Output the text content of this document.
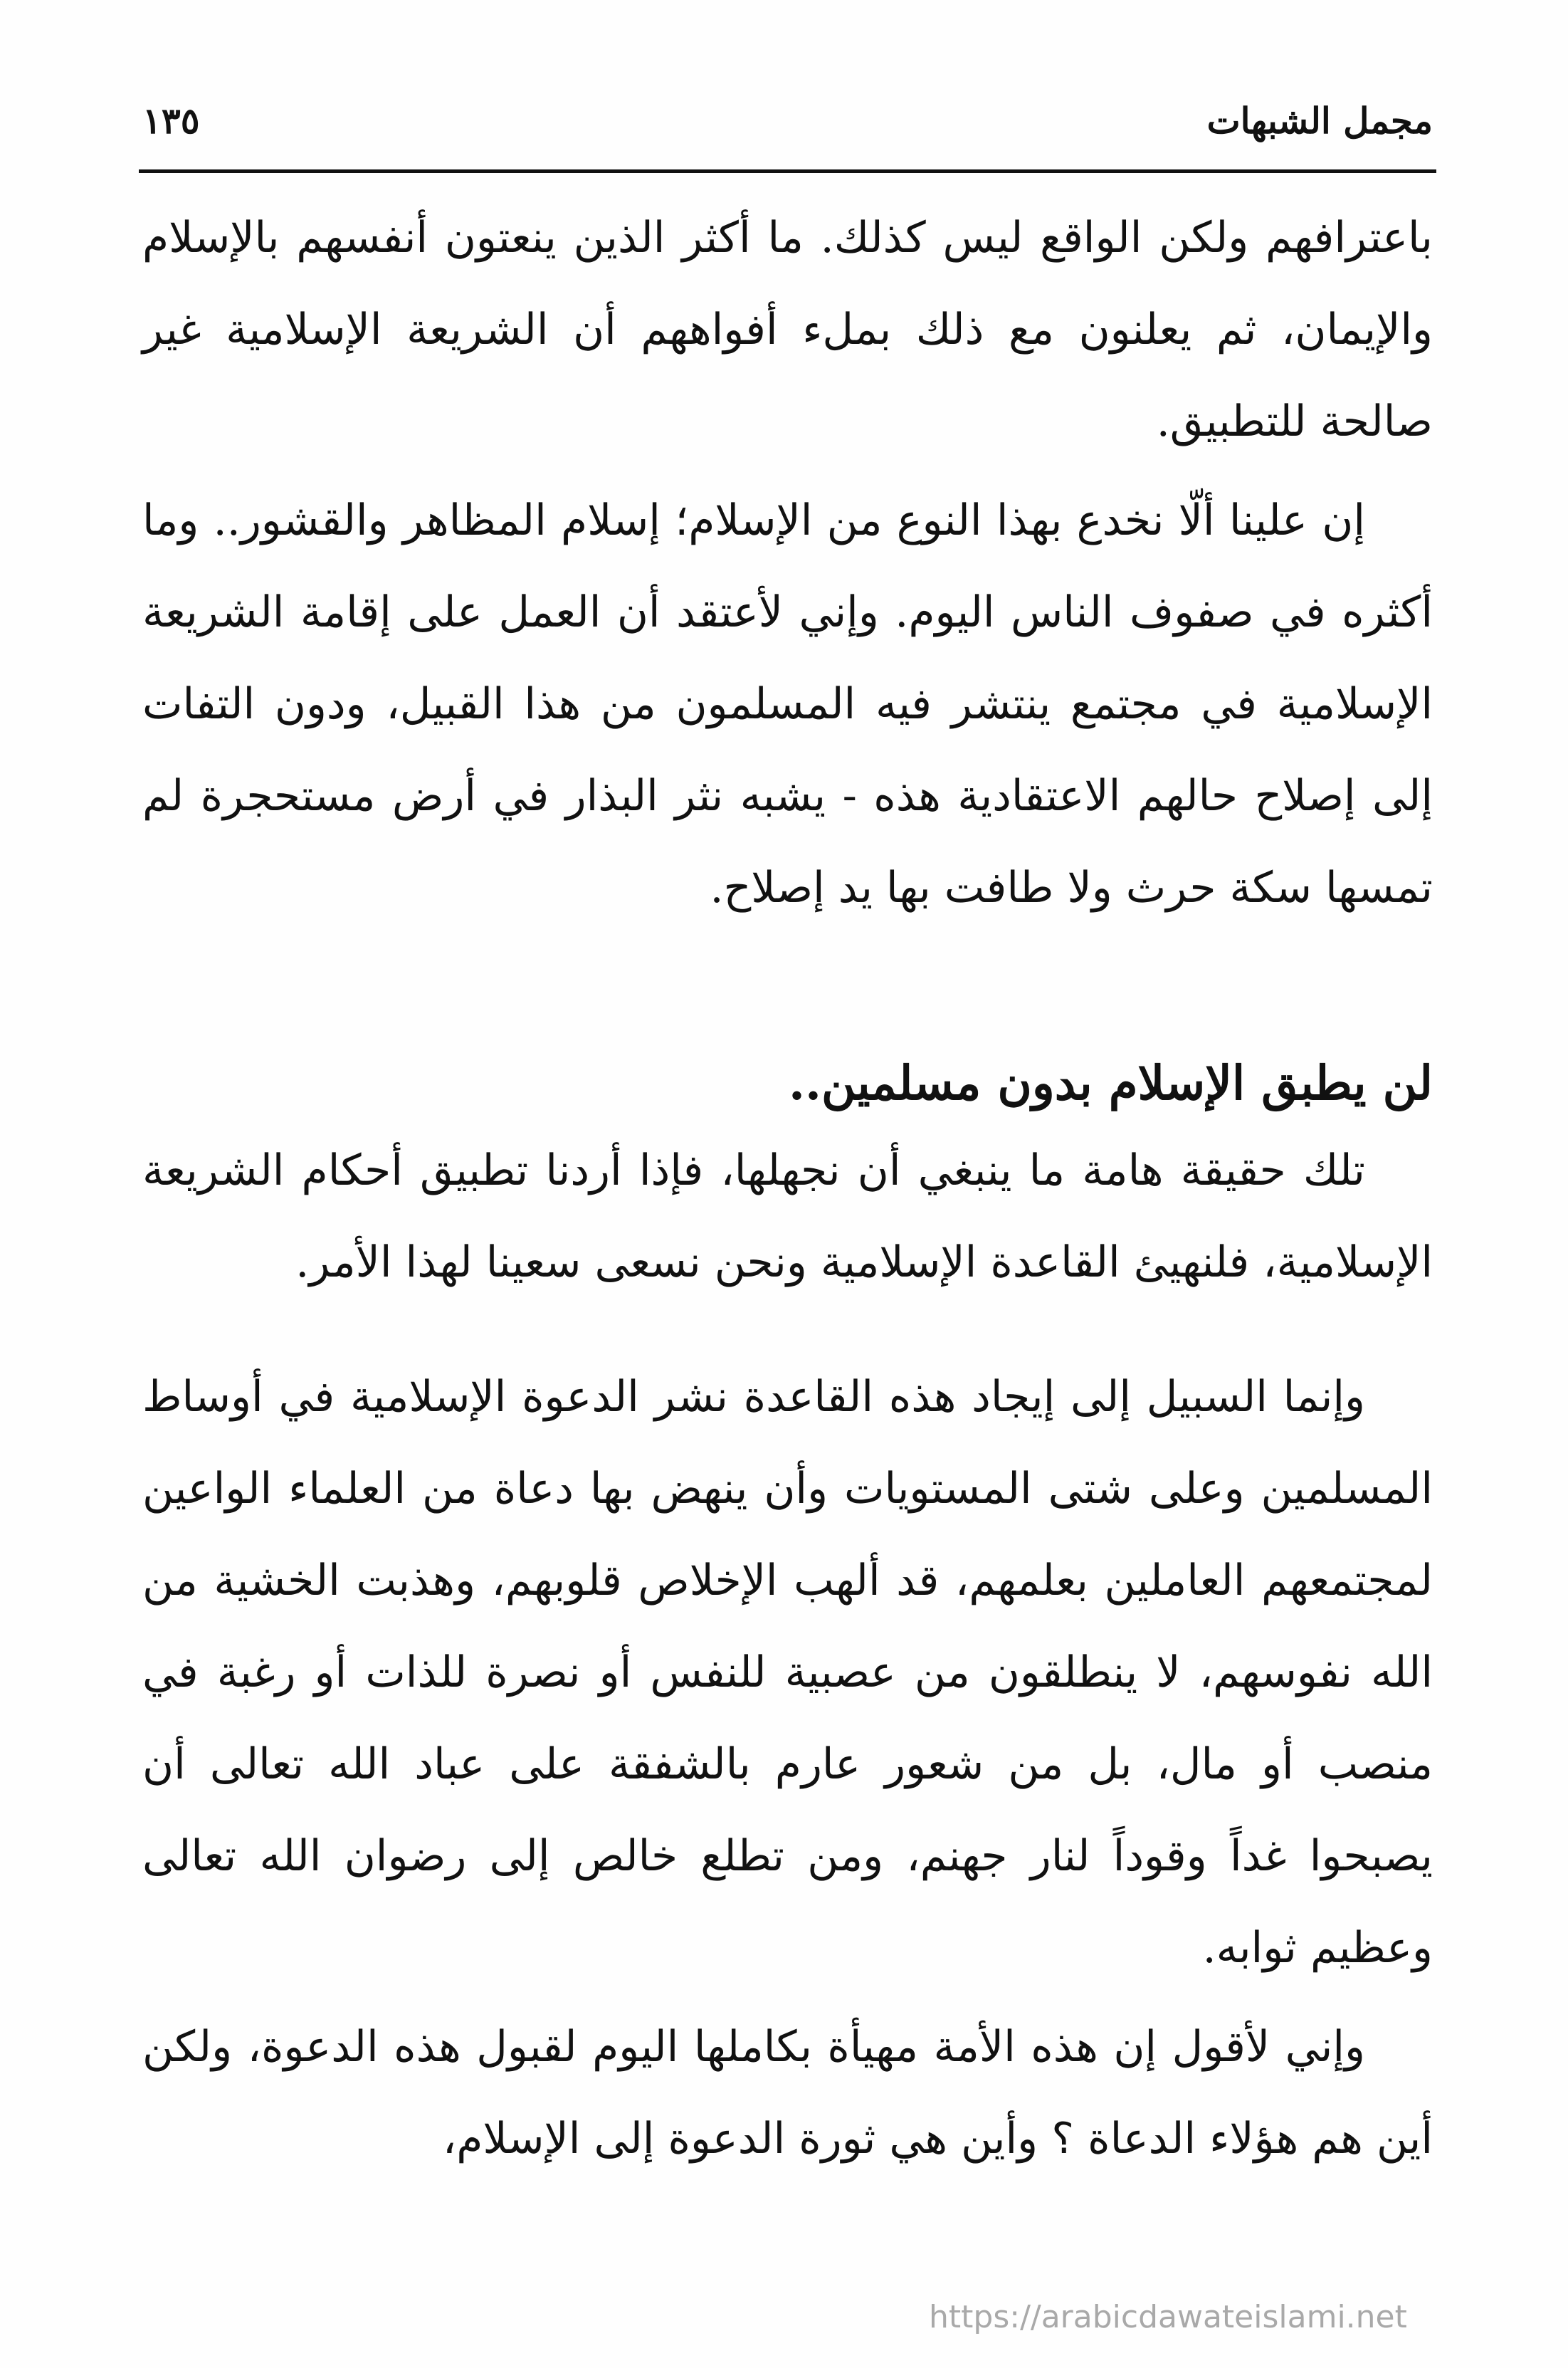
مجمل الشبهات
١٣٥

باعترافهم ولكن الواقع ليس كذلك. ما أكثر الذين ينعتون أنفسهم بالإسلام والإيمان، ثم يعلنون مع ذلك بملء أفواههم أن الشريعة الإسلامية غير صالحة للتطبيق.

إن علينا ألّا نخدع بهذا النوع من الإسلام؛ إسلام المظاهر والقشور.. وما أكثره في صفوف الناس اليوم. وإني لأعتقد أن العمل على إقامة الشريعة الإسلامية في مجتمع ينتشر فيه المسلمون من هذا القبيل، ودون التفات إلى إصلاح حالهم الاعتقادية هذه - يشبه نثر البذار في أرض مستحجرة لم تمسها سكة حرث ولا طافت بها يد إصلاح.

لن يطبق الإسلام بدون مسلمين..

تلك حقيقة هامة ما ينبغي أن نجهلها، فإذا أردنا تطبيق أحكام الشريعة الإسلامية، فلنهيئ القاعدة الإسلامية ونحن نسعى سعينا لهذا الأمر.

وإنما السبيل إلى إيجاد هذه القاعدة نشر الدعوة الإسلامية في أوساط المسلمين وعلى شتى المستويات وأن ينهض بها دعاة من العلماء الواعين لمجتمعهم العاملين بعلمهم، قد ألهب الإخلاص قلوبهم، وهذبت الخشية من الله نفوسهم، لا ينطلقون من عصبية للنفس أو نصرة للذات أو رغبة في منصب أو مال، بل من شعور عارم بالشفقة على عباد الله تعالى أن يصبحوا غداً وقوداً لنار جهنم، ومن تطلع خالص إلى رضوان الله تعالى وعظيم ثوابه.

وإني لأقول إن هذه الأمة مهيأة بكاملها اليوم لقبول هذه الدعوة، ولكن أين هم هؤلاء الدعاة ؟ وأين هي ثورة الدعوة إلى الإسلام،

https://arabicdawateislami.net
